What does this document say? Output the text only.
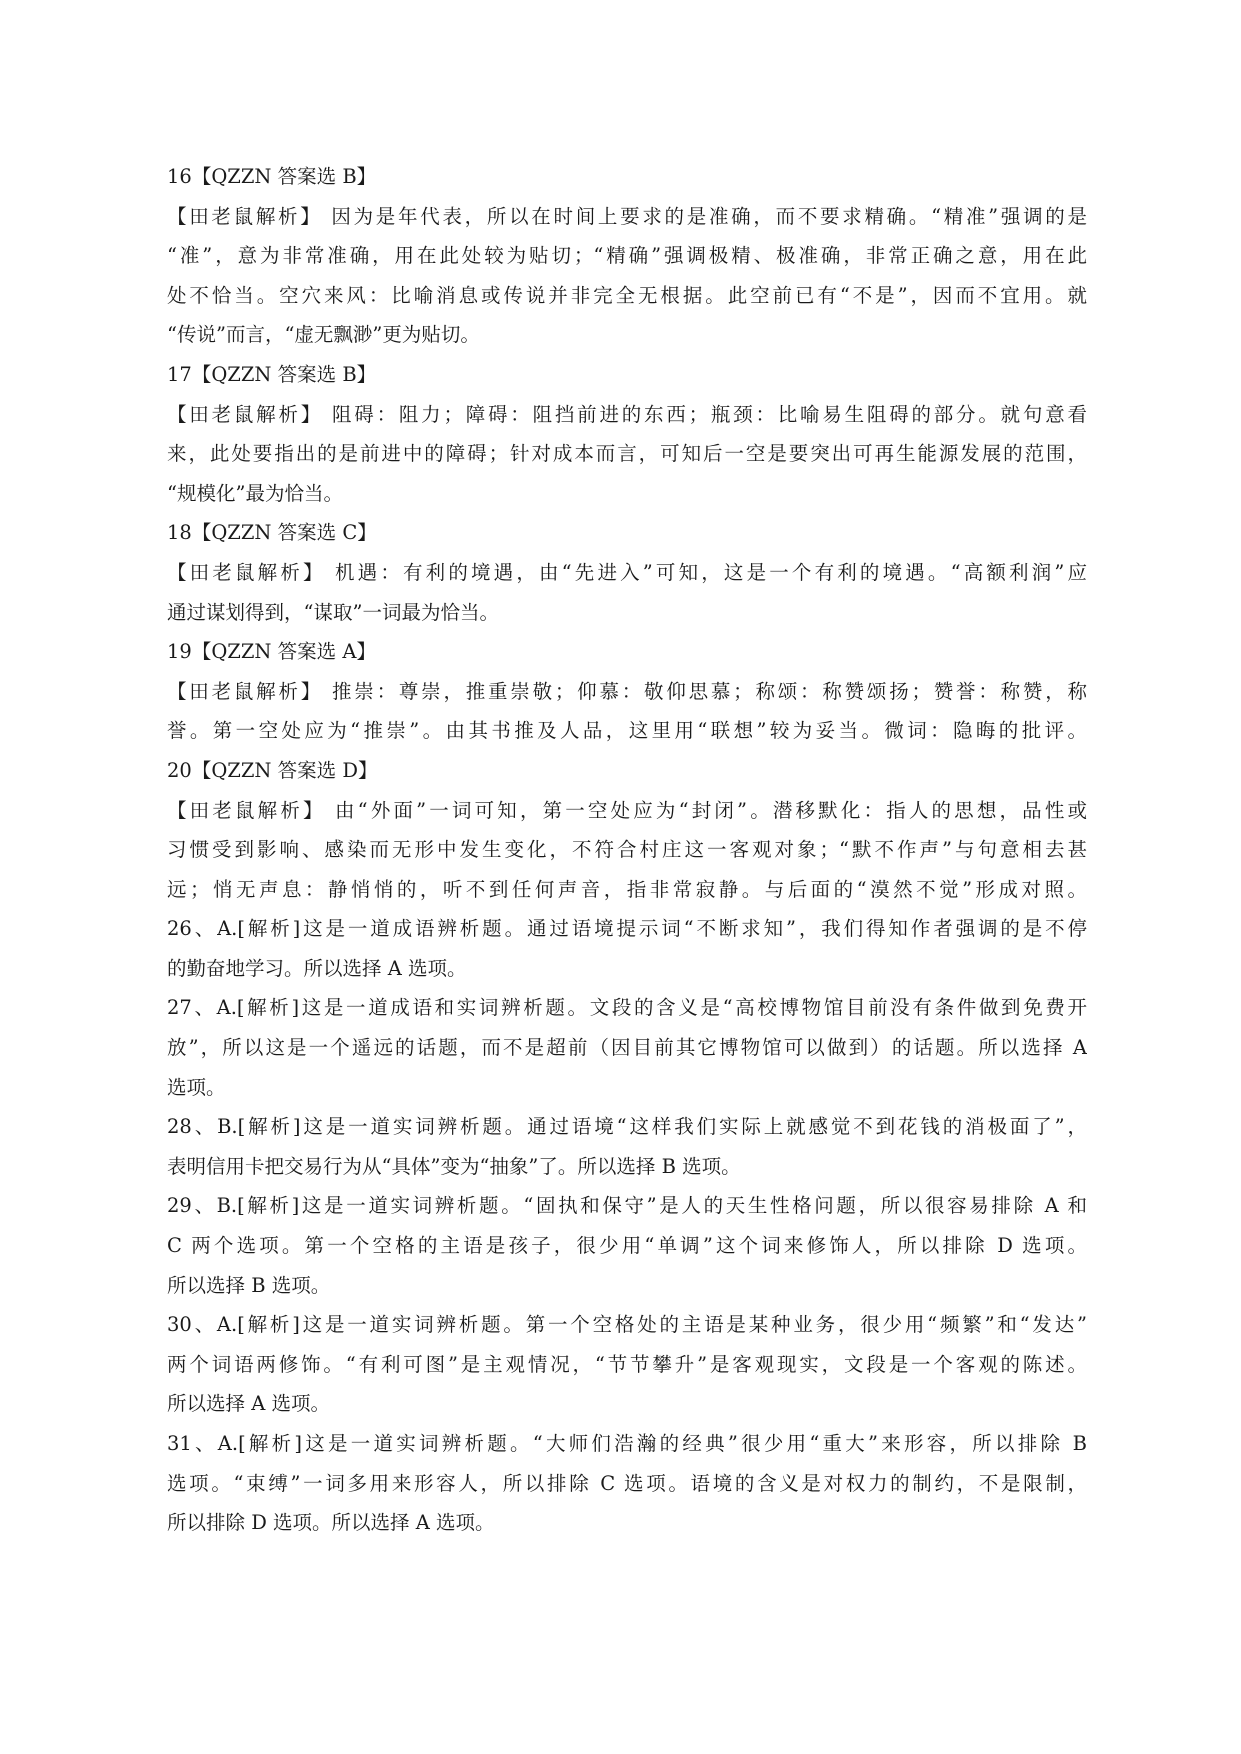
16【QZZN 答案选 B】
【田老鼠解析】 因为是年代表，所以在时间上要求的是准确，而不要求精确。“精准”强调的是
“准”，意为非常准确，用在此处较为贴切；“精确”强调极精、极准确，非常正确之意，用在此
处不恰当。空穴来风：比喻消息或传说并非完全无根据。此空前已有“不是”，因而不宜用。就
“传说”而言，“虚无飘渺”更为贴切。
17【QZZN 答案选 B】
【田老鼠解析】 阻碍：阻力；障碍：阻挡前进的东西；瓶颈：比喻易生阻碍的部分。就句意看
来，此处要指出的是前进中的障碍；针对成本而言，可知后一空是要突出可再生能源发展的范围，
“规模化”最为恰当。
18【QZZN 答案选 C】
【田老鼠解析】 机遇：有利的境遇，由“先进入”可知，这是一个有利的境遇。“高额利润”应
通过谋划得到，“谋取”一词最为恰当。
19【QZZN 答案选 A】
【田老鼠解析】 推崇：尊崇，推重崇敬；仰慕：敬仰思慕；称颂：称赞颂扬；赞誉：称赞，称
誉。第一空处应为“推崇”。由其书推及人品，这里用“联想”较为妥当。微词：隐晦的批评。
20【QZZN 答案选 D】
【田老鼠解析】 由“外面”一词可知，第一空处应为“封闭”。潜移默化：指人的思想，品性或
习惯受到影响、感染而无形中发生变化，不符合村庄这一客观对象；“默不作声”与句意相去甚
远；悄无声息：静悄悄的，听不到任何声音，指非常寂静。与后面的“漠然不觉”形成对照。
26、A.[解析]这是一道成语辨析题。通过语境提示词“不断求知”，我们得知作者强调的是不停
的勤奋地学习。所以选择 A 选项。
27、A.[解析]这是一道成语和实词辨析题。文段的含义是“高校博物馆目前没有条件做到免费开
放”，所以这是一个遥远的话题，而不是超前（因目前其它博物馆可以做到）的话题。所以选择 A
选项。
28、B.[解析]这是一道实词辨析题。通过语境“这样我们实际上就感觉不到花钱的消极面了”，
表明信用卡把交易行为从“具体”变为“抽象”了。所以选择 B 选项。
29、B.[解析]这是一道实词辨析题。“固执和保守”是人的天生性格问题，所以很容易排除 A 和
C 两个选项。第一个空格的主语是孩子，很少用“单调”这个词来修饰人，所以排除 D 选项。
所以选择 B 选项。
30、A.[解析]这是一道实词辨析题。第一个空格处的主语是某种业务，很少用“频繁”和“发达”
两个词语两修饰。“有利可图”是主观情况，“节节攀升”是客观现实，文段是一个客观的陈述。
所以选择 A 选项。
31、A.[解析]这是一道实词辨析题。“大师们浩瀚的经典”很少用“重大”来形容，所以排除 B
选项。“束缚”一词多用来形容人，所以排除 C 选项。语境的含义是对权力的制约，不是限制，
所以排除 D 选项。所以选择 A 选项。
